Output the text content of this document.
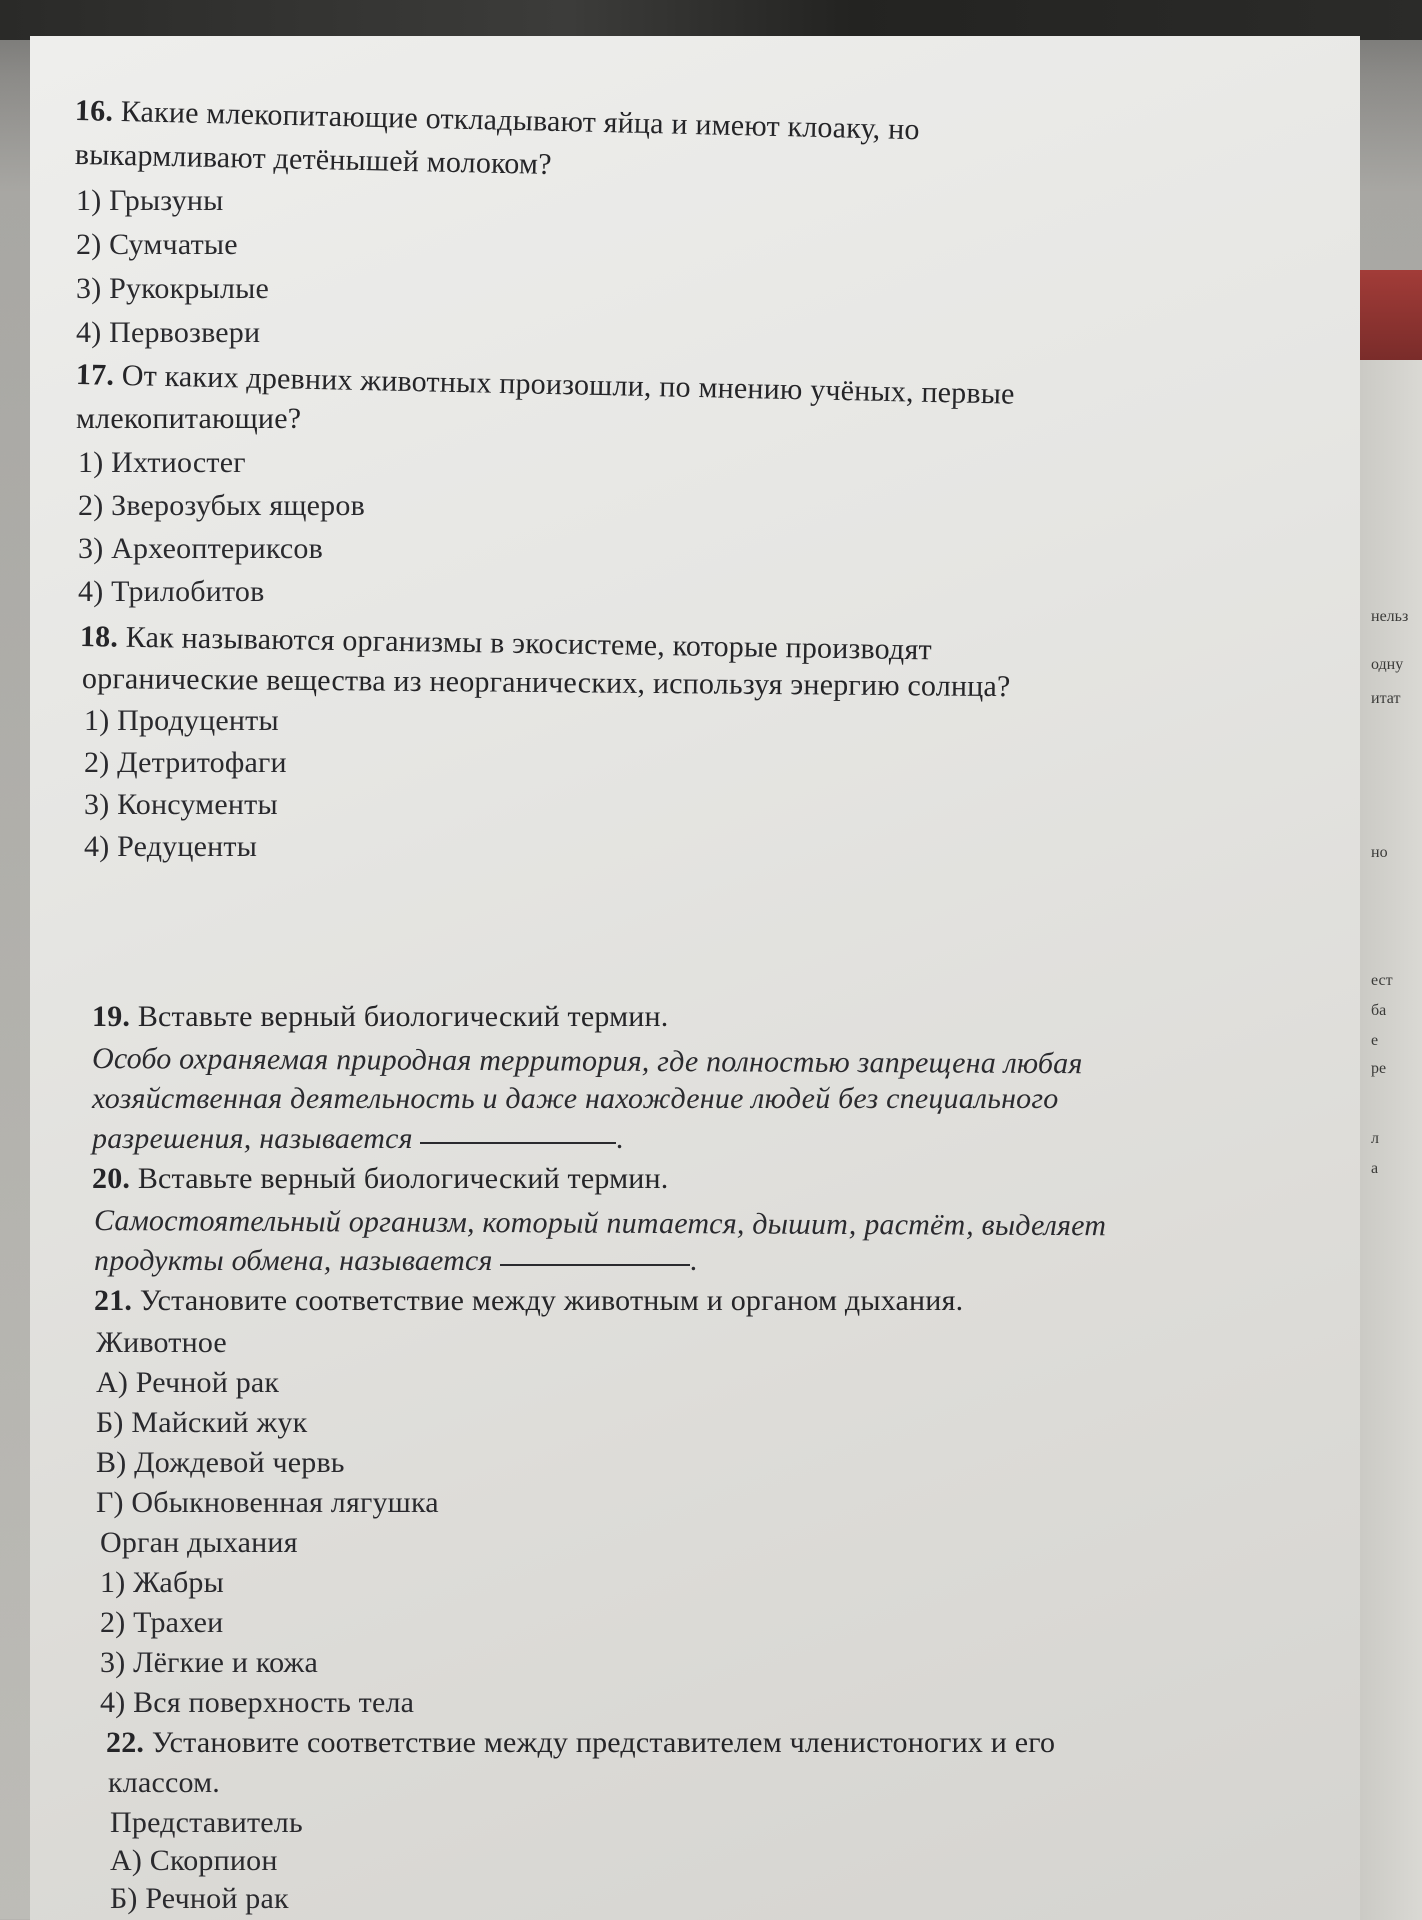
нельз
одну
итат
но
ест
ба
е
ре
л
а
16. Какие млекопитающие откладывают яйца и имеют клоаку, но
выкармливают детёнышей молоком?
1) Грызуны
2) Сумчатые
3) Рукокрылые
4) Первозвери
17. От каких древних животных произошли, по мнению учёных, первые
млекопитающие?
1) Ихтиостег
2) Зверозубых ящеров
3) Археоптериксов
4) Трилобитов
18. Как называются организмы в экосистеме, которые производят
органические вещества из неорганических, используя энергию солнца?
1) Продуценты
2) Детритофаги
3) Консументы
4) Редуценты
19. Вставьте верный биологический термин.
Особо охраняемая природная территория, где полностью запрещена любая
хозяйственная деятельность и даже нахождение людей без специального
разрешения, называется	.
20. Вставьте верный биологический термин.
Самостоятельный организм, который питается, дышит, растёт, выделяет
продукты обмена, называется	.
21. Установите соответствие между животным и органом дыхания.
Животное
А) Речной рак
Б) Майский жук
В) Дождевой червь
Г) Обыкновенная лягушка
Орган дыхания
1) Жабры
2) Трахеи
3) Лёгкие и кожа
4) Вся поверхность тела
22. Установите соответствие между представителем членистоногих и его
классом.
Представитель
А) Скорпион
Б) Речной рак
